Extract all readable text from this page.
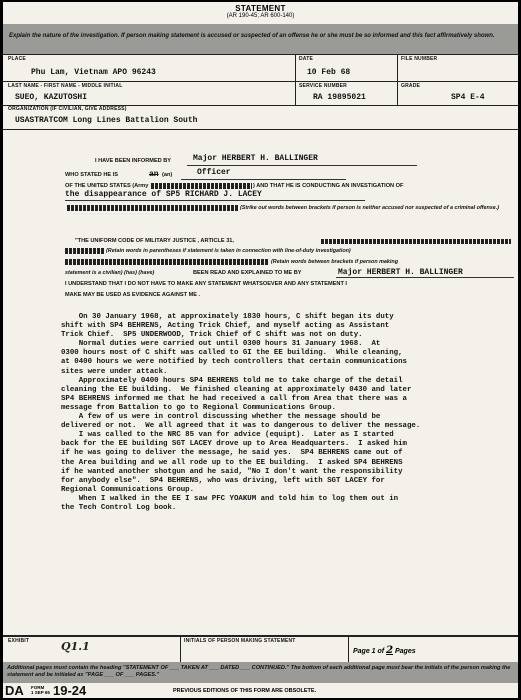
STATEMENT
(AR 190-45; AR 600-140)
Explain the nature of the investigation. If person making statement is accused or suspected of an offense he or she must be so informed and this fact affirmatively shown.
PLACE
Phu Lam, Vietnam APO 96243
DATE
10 Feb 68
FILE NUMBER
LAST NAME - FIRST NAME - MIDDLE INITIAL
SUEO, KAZUTOSHI
SERVICE NUMBER
RA 19895021
GRADE
SP4 E-4
ORGANIZATION (IF CIVILIAN, GIVE ADDRESS)
USASTRATCOM Long Lines Battalion South
I HAVE BEEN INFORMED BY	Major HERBERT H. BALLINGER
WHO STATED HE IS	an (an)	Officer
OF THE UNITED STATES (Army	) AND THAT HE IS CONDUCTING AN INVESTIGATION OF
the disappearance of SP5 RICHARD J. LACEY
(Strike out words between brackets if person is neither accused nor suspected of a criminal offense.)
"THE UNIFORM CODE OF MILITARY JUSTICE , ARTICLE 31,
(Retain words in parentheses if statement is taken in connection with line-of-duty investigation)
(Retain words between brackets if person making
statement is a civilian) (has) (have)	BEEN READ AND EXPLAINED TO ME BY	Major HERBERT H. BALLINGER
I UNDERSTAND THAT I DO NOT HAVE TO MAKE ANY STATEMENT WHATSOEVER AND ANY STATEMENT I
MAKE MAY BE USED AS EVIDENCE AGAINST ME .
On 30 January 1968, at approximately 1830 hours, C shift began its duty
shift with SP4 BEHRENS, Acting Trick Chief, and myself acting as Assistant
Trick Chief.  SP5 UNDERWOOD, Trick Chief of C shift was not on duty.
Normal duties were carried out until 0300 hours 31 January 1968.  At
0300 hours most of C shift was called to GI the EE building.  While cleaning,
at 0400 hours we were notified by tech controllers that certain communications
sites were under attack.
Approximately 0400 hours SP4 BEHRENS told me to take charge of the detail
cleaning the EE building.  We finished cleaning at approximately 0430 and later
SP4 BEHRENS informed me that he had received a call from Area that there was a
message from Battalion to go to Regional Communications Group.
A few of us were in control discussing whether the message should be
delivered or not.  We all agreed that it was to dangerous to deliver the message.
I was called to the NRC 85 van for advice (equipt).  Later as I started
back for the EE building SGT LACEY drove up to Area Headquarters.  I asked him
if he was going to deliver the message, he said yes.  SP4 BEHRENS came out of
the Area building and we all rode up to the EE building.  I asked SP4 BEHRENS
if he wanted another shotgun and he said, "No I don't want the responsibility
for anybody else".  SP4 BEHRENS, who was driving, left with SGT LACEY for
Regional Communications Group.
When I walked in the EE I saw PFC YOAKUM and told him to log them out in
the Tech Control Log book.
EXHIBIT	Q1.1	INITIALS OF PERSON MAKING STATEMENT
Page 1 of 2 Pages
Additional pages must contain the heading "STATEMENT OF ___ TAKEN AT ___ DATED ___ CONTINUED." The bottom of each additional page must bear the initials of the person making the statement and be initialed as "PAGE ___ OF ___ PAGES."
DA FORM
1 SEP 65 19-24	PREVIOUS EDITIONS OF THIS FORM ARE OBSOLETE.
